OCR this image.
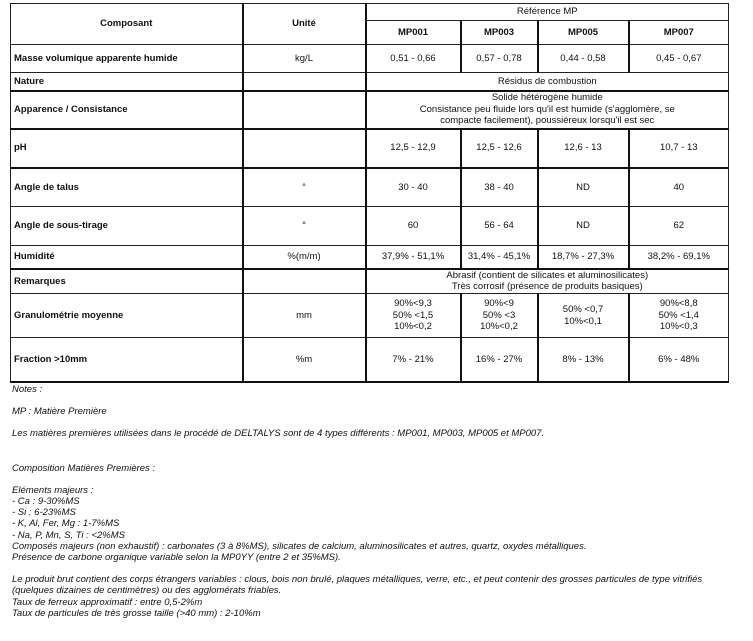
Composant	Unité	Référence MP			
		MP001	MP003	MP005	MP007
Masse volumique apparente humide	kg/L	0,51 - 0,66	0,57 - 0,78	0,44 - 0,58	0,45 - 0,67
Nature		Résidus de combustion			
Apparence / Consistance		Solide hétérogène humide
Consistance peu fluide lors qu'il est humide (s'agglomère, se compacte facilement), poussiéreux lorsqu'il est sec			
pH		12,5 - 12,9	12,5 - 12,6	12,6 - 13	10,7 - 13
Angle de talus	°	30 - 40	38 - 40	ND	40
Angle de sous-tirage	°	60	56 - 64	ND	62
Humidité	%(m/m)	37,9% - 51,1%	31,4% - 45,1%	18,7% - 27,3%	38,2% - 69,1%
Remarques		Abrasif (contient de silicates et aluminosilicates)
Très corrosif (présence de produits basiques)			
Granulométrie moyenne	mm	90%<9,3
50% <1,5
10%<0,2	90%<9
50% <3
10%<0,2	50% <0,7
10%<0,1	90%<8,8
50% <1,4
10%<0,3
Fraction >10mm	%m	7% - 21%	16% - 27%	8% - 13%	6% - 48%

Notes :

MP : Matière Première

Les matières premières utilisées dans le procédé de DELTALYS sont de 4 types différents : MP001, MP003, MP005 et MP007.

Composition Matières Premières :

Eléments majeurs :

- Ca : 9-30%MS

- Si : 6-23%MS

- K, Al, Fer, Mg : 1-7%MS

- Na, P, Mn, S, Ti : <2%MS

Composés majeurs (non exhaustif) : carbonates (3 à 8%MS), silicates de calcium, aluminosilicates et autres, quartz, oxydes métalliques.

Présence de carbone organique variable selon la MP0YY (entre 2 et 35%MS).

Le produit brut contient des corps étrangers variables : clous, bois non brulé, plaques métalliques, verre, etc., et peut contenir des grosses particules de type vitrifiés (quelques dizaines de centimètres) ou des agglomérats friables.

Taux de ferreux approximatif : entre 0,5-2%m

Taux de particules de très grosse taille (>40 mm) : 2-10%m
